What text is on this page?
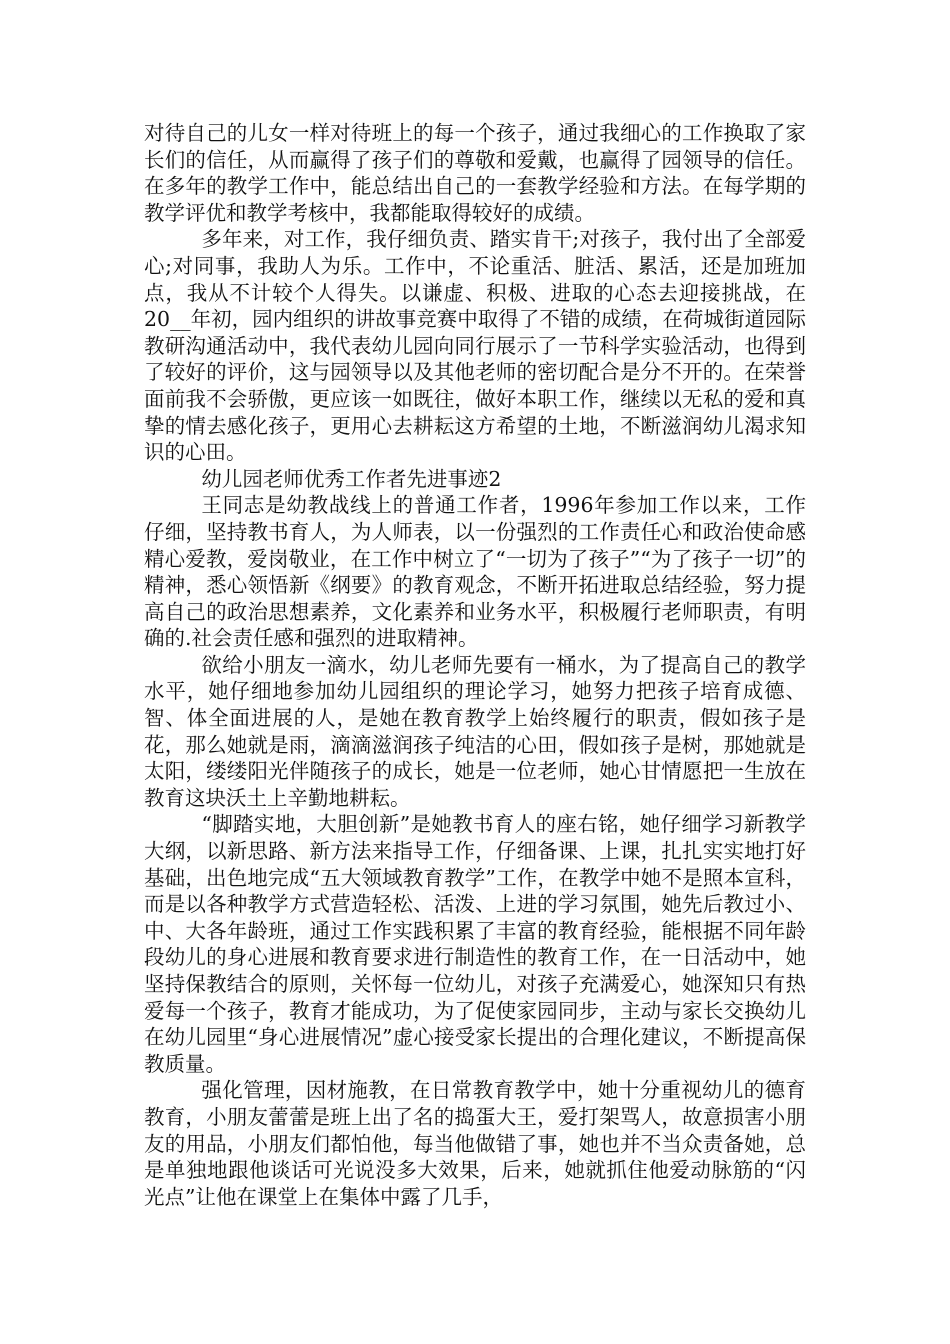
对待自己的儿女一样对待班上的每一个孩子，通过我细心的工作换取了家长们的信任，从而赢得了孩子们的尊敬和爱戴，也赢得了园领导的信任。在多年的教学工作中，能总结出自己的一套教学经验和方法。在每学期的教学评优和教学考核中，我都能取得较好的成绩。

多年来，对工作，我仔细负责、踏实肯干;对孩子，我付出了全部爱心;对同事，我助人为乐。工作中，不论重活、脏活、累活，还是加班加点，我从不计较个人得失。以谦虚、积极、进取的心态去迎接挑战，在20__年初，园内组织的讲故事竞赛中取得了不错的成绩，在荷城街道园际教研沟通活动中，我代表幼儿园向同行展示了一节科学实验活动，也得到了较好的评价，这与园领导以及其他老师的密切配合是分不开的。在荣誉面前我不会骄傲，更应该一如既往，做好本职工作，继续以无私的爱和真挚的情去感化孩子，更用心去耕耘这方希望的土地，不断滋润幼儿渴求知识的心田。

幼儿园老师优秀工作者先进事迹2

王同志是幼教战线上的普通工作者，1996年参加工作以来，工作仔细，坚持教书育人，为人师表，以一份强烈的工作责任心和政治使命感精心爱教，爱岗敬业，在工作中树立了“一切为了孩子”“为了孩子一切”的精神，悉心领悟新《纲要》的教育观念，不断开拓进取总结经验，努力提高自己的政治思想素养，文化素养和业务水平，积极履行老师职责，有明确的.社会责任感和强烈的进取精神。

欲给小朋友一滴水，幼儿老师先要有一桶水，为了提高自己的教学水平，她仔细地参加幼儿园组织的理论学习，她努力把孩子培育成德、智、体全面进展的人，是她在教育教学上始终履行的职责，假如孩子是花，那么她就是雨，滴滴滋润孩子纯洁的心田，假如孩子是树，那她就是太阳，缕缕阳光伴随孩子的成长，她是一位老师，她心甘情愿把一生放在教育这块沃土上辛勤地耕耘。

“脚踏实地，大胆创新”是她教书育人的座右铭，她仔细学习新教学大纲，以新思路、新方法来指导工作，仔细备课、上课，扎扎实实地打好基础，出色地完成“五大领域教育教学”工作，在教学中她不是照本宣科，而是以各种教学方式营造轻松、活泼、上进的学习氛围，她先后教过小、中、大各年龄班，通过工作实践积累了丰富的教育经验，能根据不同年龄段幼儿的身心进展和教育要求进行制造性的教育工作，在一日活动中，她坚持保教结合的原则，关怀每一位幼儿，对孩子充满爱心，她深知只有热爱每一个孩子，教育才能成功，为了促使家园同步，主动与家长交换幼儿在幼儿园里“身心进展情况”虚心接受家长提出的合理化建议，不断提高保教质量。

强化管理，因材施教，在日常教育教学中，她十分重视幼儿的德育教育，小朋友蕾蕾是班上出了名的捣蛋大王，爱打架骂人，故意损害小朋友的用品，小朋友们都怕他，每当他做错了事，她也并不当众责备她，总是单独地跟他谈话可光说没多大效果，后来，她就抓住他爱动脉筋的“闪光点”让他在课堂上在集体中露了几手，
